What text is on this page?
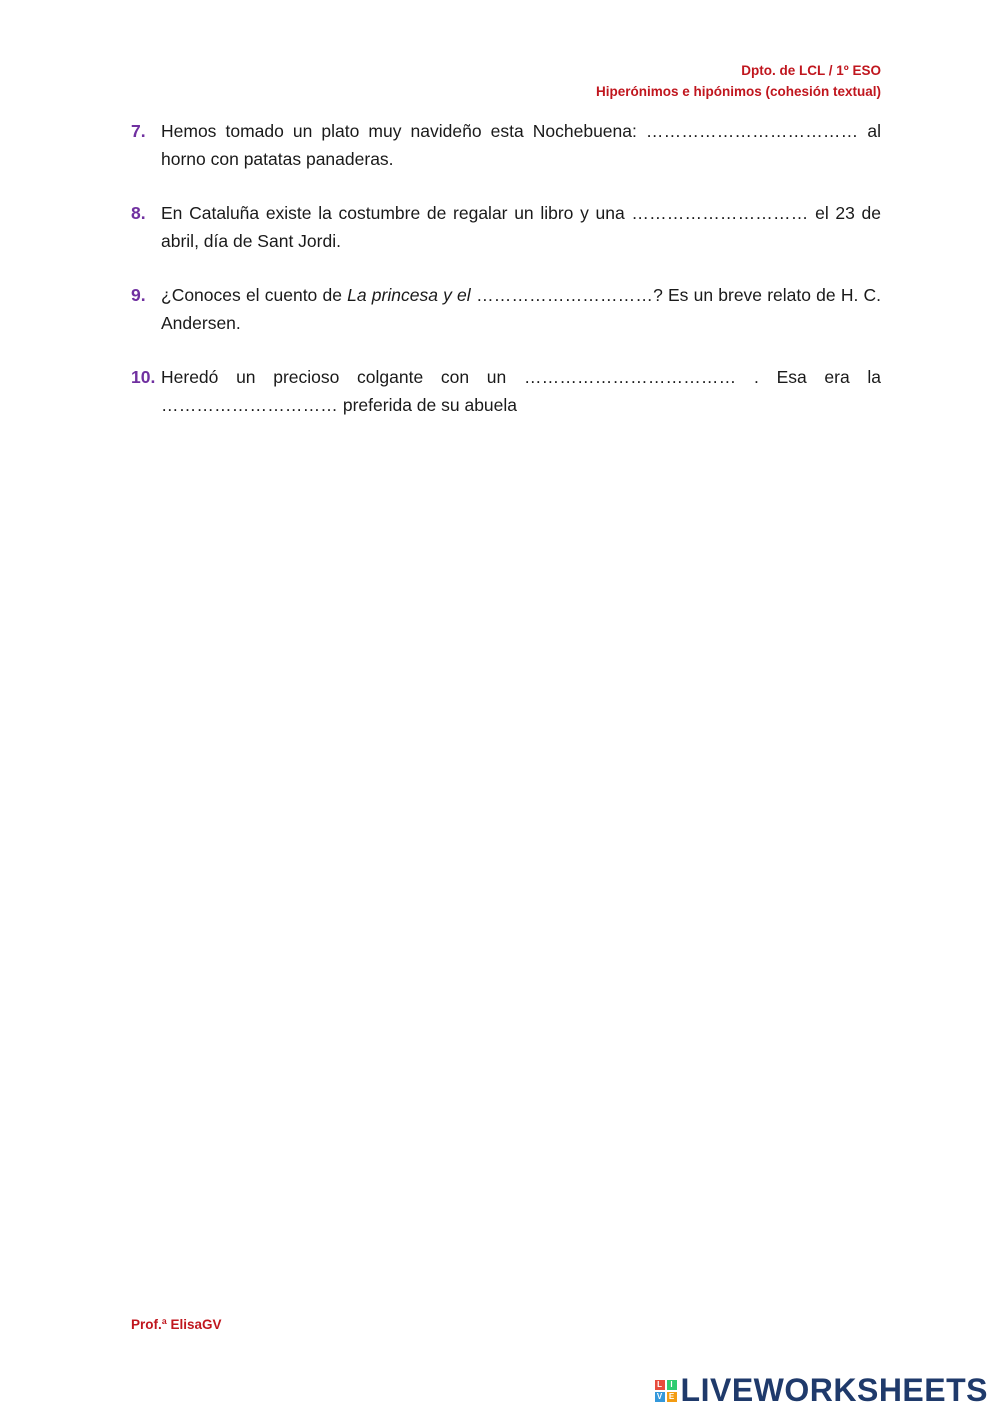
Dpto. de LCL / 1º ESO
Hiperónimos e hipónimos (cohesión textual)
7. Hemos tomado un plato muy navideño esta Nochebuena: ……………………………… al horno con patatas panaderas.
8. En Cataluña existe la costumbre de regalar un libro y una ………………………… el 23 de abril, día de Sant Jordi.
9. ¿Conoces el cuento de La princesa y el …………………………? Es un breve relato de H. C. Andersen.
10. Heredó un precioso colgante con un ……………………………… . Esa era la ………………………… preferida de su abuela
Prof.ª ElisaGV
L	I
V E LIVEWORKSHEETS
